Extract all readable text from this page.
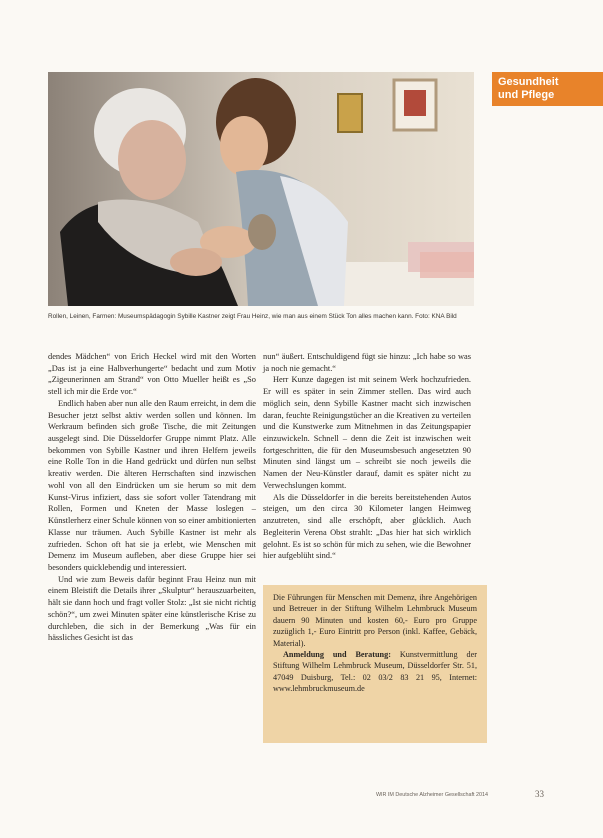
Gesundheit
und Pflege
Rollen, Leinen, Farmen: Museumspädagogin Sybille Kastner zeigt Frau Heinz, wie man aus einem Stück Ton alles machen kann. Foto: KNA Bild

dendes Mädchen“ von Erich Heckel wird mit den Worten „Das ist ja eine Halbverhungerte“ bedacht und zum Motiv „Zigeunerinnen am Strand“ von Otto Mueller heißt es „So stell ich mir die Erde vor.“

Endlich haben aber nun alle den Raum erreicht, in dem die Besucher jetzt selbst aktiv werden sollen und können. Im Werkraum befinden sich große Tische, die mit Zeitungen ausgelegt sind. Die Düsseldorfer Gruppe nimmt Platz. Alle bekommen von Sybille Kastner und ihren Helfern jeweils eine Rolle Ton in die Hand gedrückt und dürfen nun selbst kreativ werden. Die älteren Herrschaften sind inzwischen wohl von all den Eindrücken um sie herum so mit dem Kunst-Virus infiziert, dass sie sofort voller Tatendrang mit Rollen, Formen und Kneten der Masse loslegen – Künstlerherz einer Schule können von so einer ambitionierten Klasse nur träumen. Auch Sybille Kastner ist mehr als zufrieden. Schon oft hat sie ja erlebt, wie Menschen mit Demenz im Museum aufleben, aber diese Gruppe hier sei besonders quicklebendig und interessiert.

Und wie zum Beweis dafür beginnt Frau Heinz nun mit einem Bleistift die Details ihrer „Skulptur“ herauszuarbeiten, hält sie dann hoch und fragt voller Stolz: „Ist sie nicht richtig schön?“, um zwei Minuten später eine künstlerische Krise zu durchleben, die sich in der Bemerkung „Was für ein hässliches Gesicht ist das

nun“ äußert. Entschuldigend fügt sie hinzu: „Ich habe so was ja noch nie gemacht.“

Herr Kunze dagegen ist mit seinem Werk hochzufrieden. Er will es später in sein Zimmer stellen. Das wird auch möglich sein, denn Sybille Kastner macht sich inzwischen daran, feuchte Reinigungstücher an die Kreativen zu verteilen und die Kunstwerke zum Mitnehmen in das Zeitungspapier einzuwickeln. Schnell – denn die Zeit ist inzwischen weit fortgeschritten, die für den Museumsbesuch angesetzten 90 Minuten sind längst um – schreibt sie noch jeweils die Namen der Neu-Künstler darauf, damit es später nicht zu Verwechslungen kommt.

Als die Düsseldorfer in die bereits bereitstehenden Autos steigen, um den circa 30 Kilometer langen Heimweg anzutreten, sind alle erschöpft, aber glücklich. Auch Begleiterin Verena Obst strahlt: „Das hier hat sich wirklich gelohnt. Es ist so schön für mich zu sehen, wie die Bewohner hier aufgeblüht sind.“

Die Führungen für Menschen mit Demenz, ihre Angehörigen und Betreuer in der Stiftung Wilhelm Lehmbruck Museum dauern 90 Minuten und kosten 60,- Euro pro Gruppe zuzüglich 1,- Euro Eintritt pro Person (inkl. Kaffee, Gebäck, Material).

Anmeldung und Beratung: Kunstvermittlung der Stiftung Wilhelm Lehmbruck Museum, Düsseldorfer Str. 51, 47049 Duisburg, Tel.: 02 03/2 83 21 95, Internet: www.lehmbruckmuseum.de

WIR IM Deutsche Alzheimer Gesellschaft 2014	33
